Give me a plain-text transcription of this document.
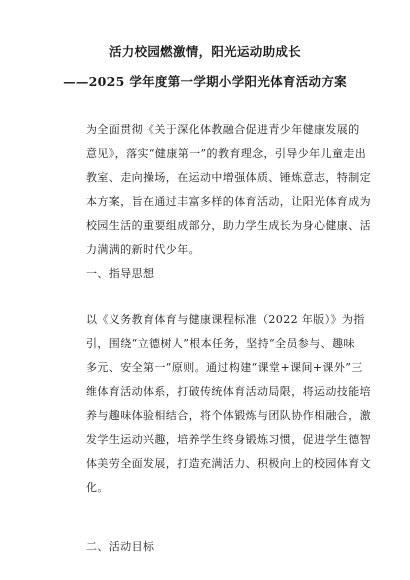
活力校园燃激情，阳光运动助成长
——2025 学年度第一学期小学阳光体育活动方案
为全面贯彻《关于深化体教融合促进青少年健康发展的
意见》，落实“健康第一”的教育理念，引导少年儿童走出
教室、走向操场，在运动中增强体质、锤炼意志，特制定
本方案，旨在通过丰富多样的体育活动，让阳光体育成为
校园生活的重要组成部分，助力学生成长为身心健康、活
力满满的新时代少年。
一、指导思想
以《义务教育体育与健康课程标准（2022 年版）》为指
引，围绕“立德树人”根本任务，坚持“全员参与、趣味
多元、安全第一”原则。通过构建“课堂+课间+课外”三
维体育活动体系，打破传统体育活动局限，将运动技能培
养与趣味体验相结合，将个体锻炼与团队协作相融合，激
发学生运动兴趣，培养学生终身锻炼习惯，促进学生德智
体美劳全面发展，打造充满活力、积极向上的校园体育文
化。
二、活动目标
